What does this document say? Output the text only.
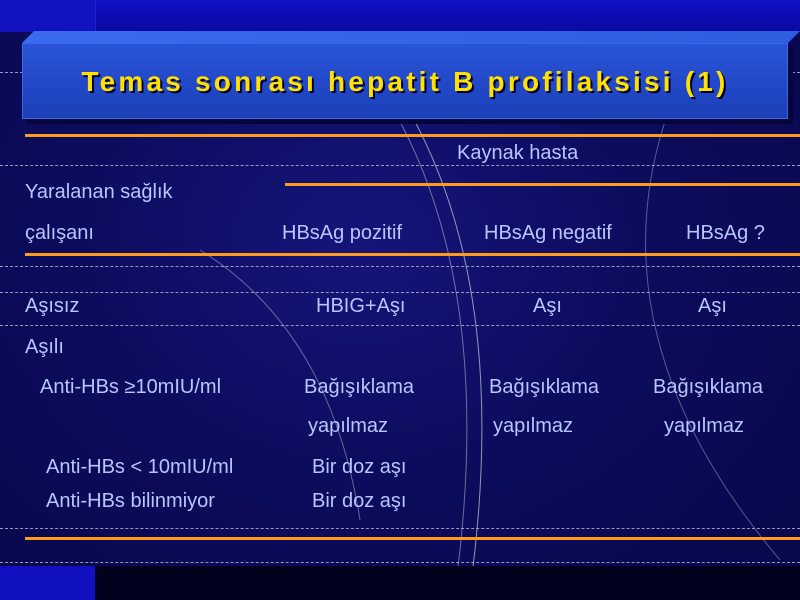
Temas sonrası hepatit B profilaksisi (1)
Kaynak hasta
Yaralanan sağlık
çalışanı	HBsAg pozitif	HBsAg negatif	HBsAg ?
Aşısız	HBIG+Aşı	Aşı	Aşı
Aşılı
Anti-HBs ≥10mIU/ml	Bağışıklama	Bağışıklama	Bağışıklama
yapılmaz	yapılmaz	yapılmaz
Anti-HBs < 10mIU/ml	Bir doz aşı
Anti-HBs bilinmiyor	Bir doz aşı
